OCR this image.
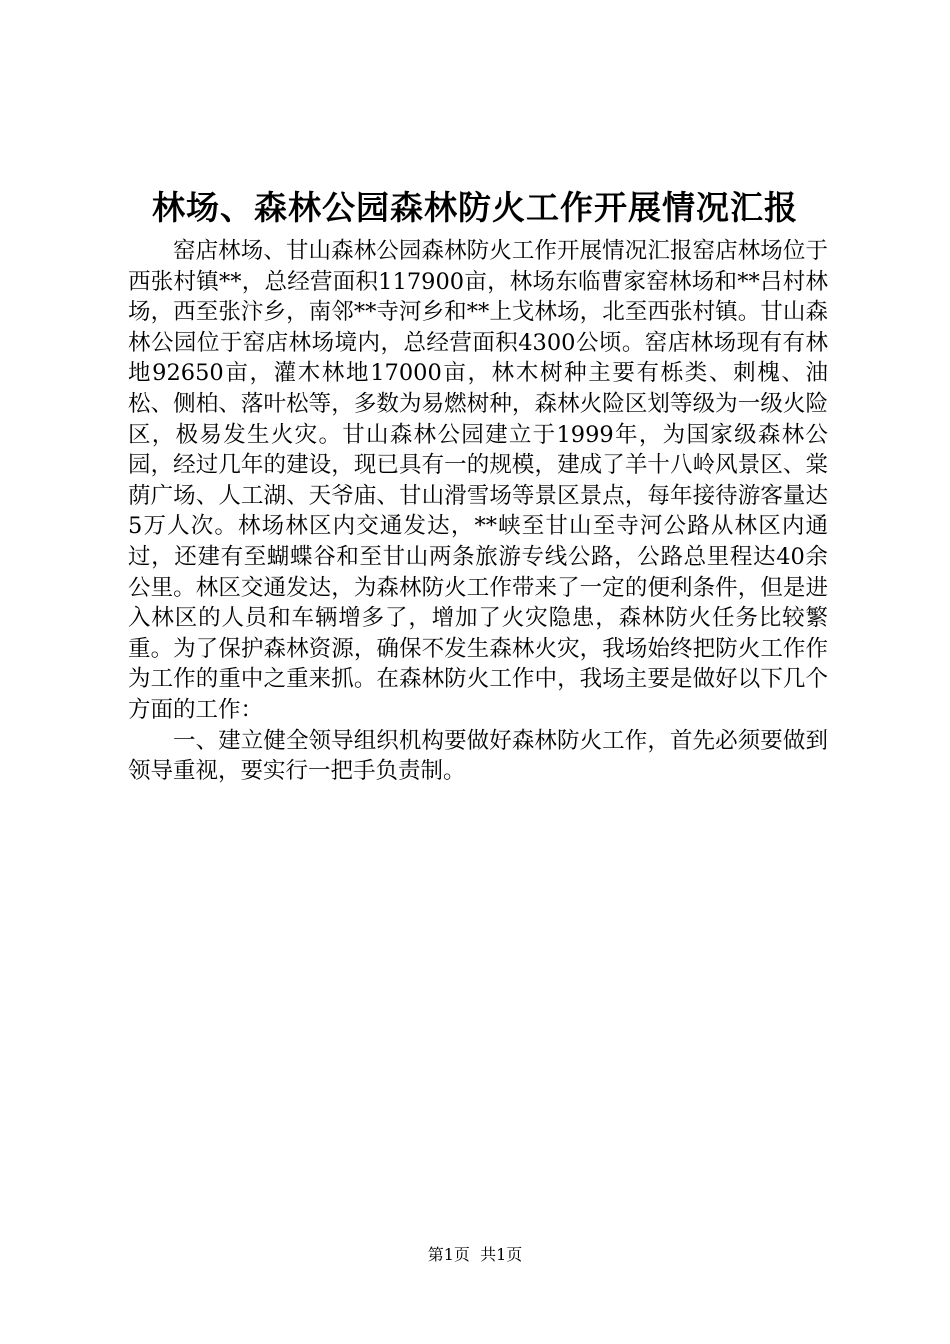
林场、森林公园森林防火工作开展情况汇报

窑店林场、甘山森林公园森林防火工作开展情况汇报窑店林场位于西张村镇**，总经营面积117900亩，林场东临曹家窑林场和**吕村林场，西至张汴乡，南邻**寺河乡和**上戈林场，北至西张村镇。甘山森林公园位于窑店林场境内，总经营面积4300公顷。窑店林场现有有林地92650亩，灌木林地17000亩，林木树种主要有栎类、刺槐、油松、侧柏、落叶松等，多数为易燃树种，森林火险区划等级为一级火险区，极易发生火灾。甘山森林公园建立于1999年，为国家级森林公园，经过几年的建设，现已具有一的规模，建成了羊十八岭风景区、棠荫广场、人工湖、天爷庙、甘山滑雪场等景区景点，每年接待游客量达5万人次。林场林区内交通发达，**峡至甘山至寺河公路从林区内通过，还建有至蝴蝶谷和至甘山两条旅游专线公路，公路总里程达40余公里。林区交通发达，为森林防火工作带来了一定的便利条件，但是进入林区的人员和车辆增多了，增加了火灾隐患，森林防火任务比较繁重。为了保护森林资源，确保不发生森林火灾，我场始终把防火工作作为工作的重中之重来抓。在森林防火工作中，我场主要是做好以下几个方面的工作：

一、建立健全领导组织机构要做好森林防火工作，首先必须要做到领导重视，要实行一把手负责制。

第1页  共1页
